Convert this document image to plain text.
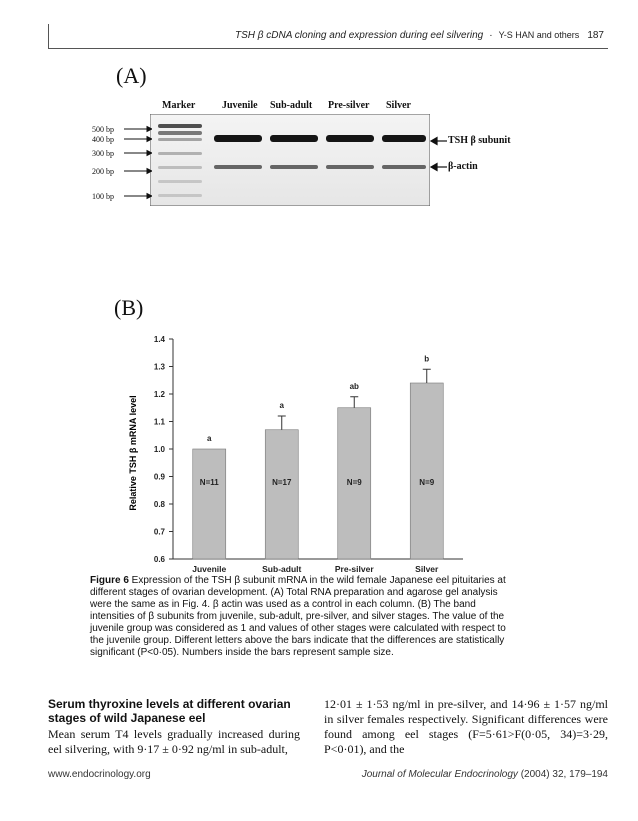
TSH β cDNA cloning and expression during eel silvering · Y-S HAN and others 187
(A)
Marker	Juvenile Sub-adult Pre-silver Silver
500 bp
400 bp
300 bp
200 bp
100 bp
TSH β subunit
β-actin
(B)
0.6
0.7
0.8
0.9
1.0
1.1
1.2
1.3
1.4
a
N=11
Juvenile
a
N=17
Sub-adult
ab
N=9
Pre-silver
b
N=9
Silver
Relative TSH β mRNA level
Figure 6 Expression of the TSH β subunit mRNA in the wild female Japanese eel pituitaries at different stages of ovarian development. (A) Total RNA preparation and agarose gel analysis were the same as in Fig. 4. β actin was used as a control in each column. (B) The band intensities of β subunits from juvenile, sub-adult, pre-silver, and silver stages. The value of the juvenile group was considered as 1 and values of other stages were calculated with respect to the juvenile group. Different letters above the bars indicate that the differences are statistically significant (P<0·05). Numbers inside the bars represent sample size.
Serum thyroxine levels at different ovarian stages of wild Japanese eel
Mean serum T4 levels gradually increased during eel silvering, with 9·17 ± 0·92 ng/ml in sub-adult,
12·01 ± 1·53 ng/ml in pre-silver, and 14·96 ± 1·57 ng/ml in silver females respectively. Significant differences were found among eel stages (F=5·61>F(0·05, 34)=3·29, P<0·01), and the
www.endocrinology.org	Journal of Molecular Endocrinology (2004) 32, 179–194
